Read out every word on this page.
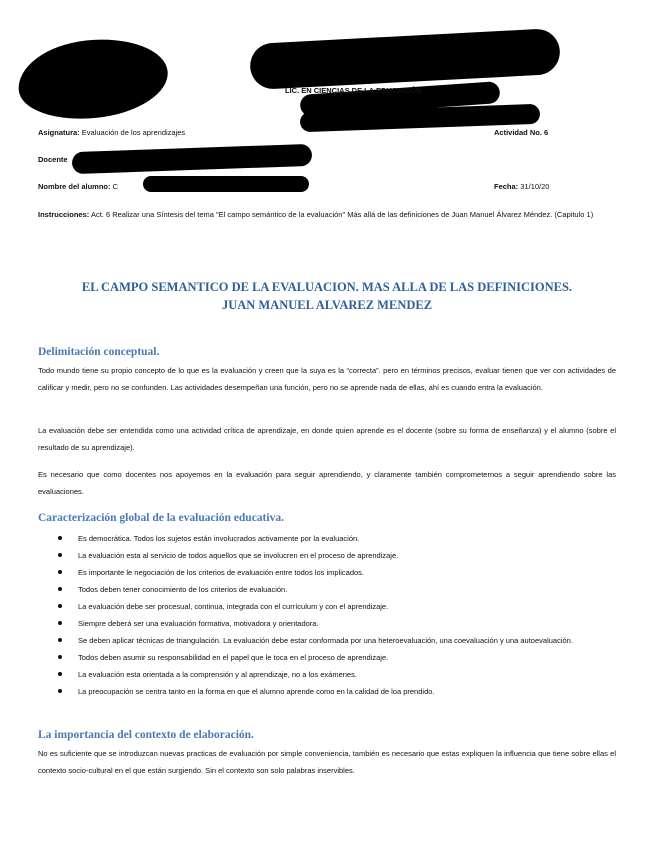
LIC. EN CIENCIAS DE LA EDUCACIÓN
Asignatura: Evaluación de los aprendizajes	Actividad No. 6
Docente
Nombre del alumno: C	Fecha: 31/10/20
Instrucciones: Act. 6 Realizar una Síntesis del tema "El campo semántico de la evaluación" Más allá de las definiciones de Juan Manuel Álvarez Méndez. (Capitulo 1)
EL CAMPO SEMANTICO DE LA EVALUACION. MAS ALLA DE LAS DEFINICIONES.
JUAN MANUEL ALVAREZ MENDEZ
Delimitación conceptual.
Todo mundo tiene su propio concepto de lo que es la evaluación y creen que la suya es la “correcta”. pero en términos precisos, evaluar tienen que ver con actividades de calificar y medir, pero no se confunden. Las actividades desempeñan una función, pero no se aprende nada de ellas, ahí es cuando entra la evaluación.
La evaluación debe ser entendida como una actividad crítica de aprendizaje, en donde quien aprende es el docente (sobre su forma de enseñanza) y el alumno (sobre el resultado de su aprendizaje).
Es necesario que como docentes nos apoyemos en la evaluación para seguir aprendiendo, y claramente también comprometernos a seguir aprendiendo sobre las evaluaciones.
Caracterización global de la evaluación educativa.
Es democrática. Todos los sujetos están involucrados activamente por la evaluación.
La evaluación esta al servicio de todos aquellos que se involucren en el proceso de aprendizaje.
Es importante le negociación de los criterios de evaluación entre todos los implicados.
Todos deben tener conocimiento de los criterios de evaluación.
La evaluación debe ser procesual, continua, integrada con el currículum y con el aprendizaje.
Siempre deberá ser una evaluación formativa, motivadora y orientadora.
Se deben aplicar técnicas de triangulación. La evaluación debe estar conformada por una heteroevaluación, una coevaluación y una autoevaluación.
Todos deben asumir su responsabilidad en el papel que le toca en el proceso de aprendizaje.
La evaluación esta orientada a la comprensión y al aprendizaje, no a los exámenes.
La preocupación se centra tanto en la forma en que el alumno aprende como en la calidad de loa prendido.
La importancia del contexto de elaboración.
No es suficiente que se introduzcan nuevas practicas de evaluación por simple conveniencia, también es necesario que estas expliquen la influencia que tiene sobre ellas el contexto socio-cultural en el que están surgiendo. Sin el contexto son solo palabras inservibles.
